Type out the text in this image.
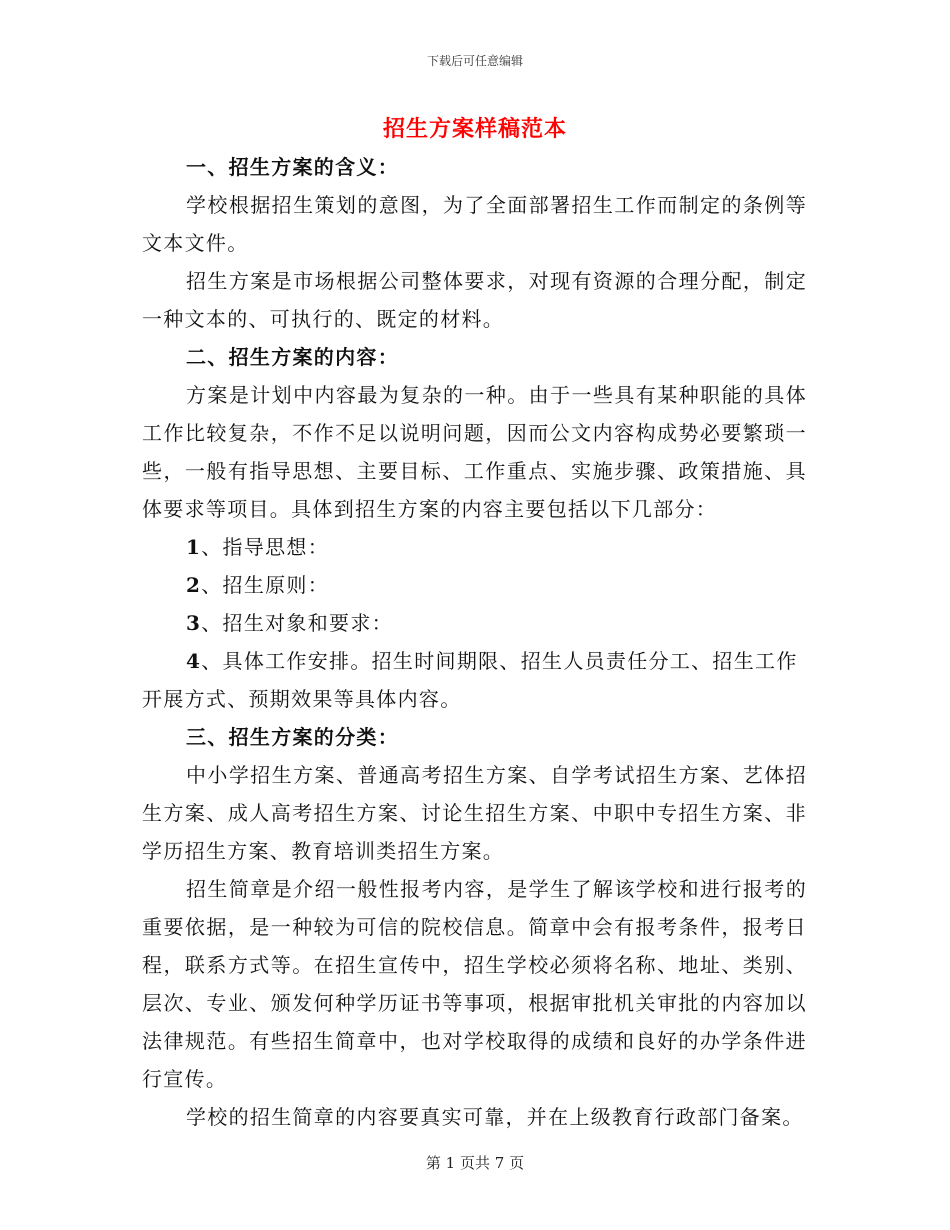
下载后可任意编辑
招生方案样稿范本

一、招生方案的含义：

学校根据招生策划的意图，为了全面部署招生工作而制定的条例等文本文件。

招生方案是市场根据公司整体要求，对现有资源的合理分配，制定一种文本的、可执行的、既定的材料。

二、招生方案的内容：

方案是计划中内容最为复杂的一种。由于一些具有某种职能的具体工作比较复杂，不作不足以说明问题，因而公文内容构成势必要繁琐一些，一般有指导思想、主要目标、工作重点、实施步骤、政策措施、具体要求等项目。具体到招生方案的内容主要包括以下几部分：

1、指导思想：

2、招生原则：

3、招生对象和要求：

4、具体工作安排。招生时间期限、招生人员责任分工、招生工作开展方式、预期效果等具体内容。

三、招生方案的分类：

中小学招生方案、普通高考招生方案、自学考试招生方案、艺体招生方案、成人高考招生方案、讨论生招生方案、中职中专招生方案、非学历招生方案、教育培训类招生方案。

招生简章是介绍一般性报考内容，是学生了解该学校和进行报考的重要依据，是一种较为可信的院校信息。简章中会有报考条件，报考日程，联系方式等。在招生宣传中，招生学校必须将名称、地址、类别、层次、专业、颁发何种学历证书等事项，根据审批机关审批的内容加以法律规范。有些招生简章中，也对学校取得的成绩和良好的办学条件进行宣传。

学校的招生简章的内容要真实可靠，并在上级教育行政部门备案。

第 1 页共 7 页
